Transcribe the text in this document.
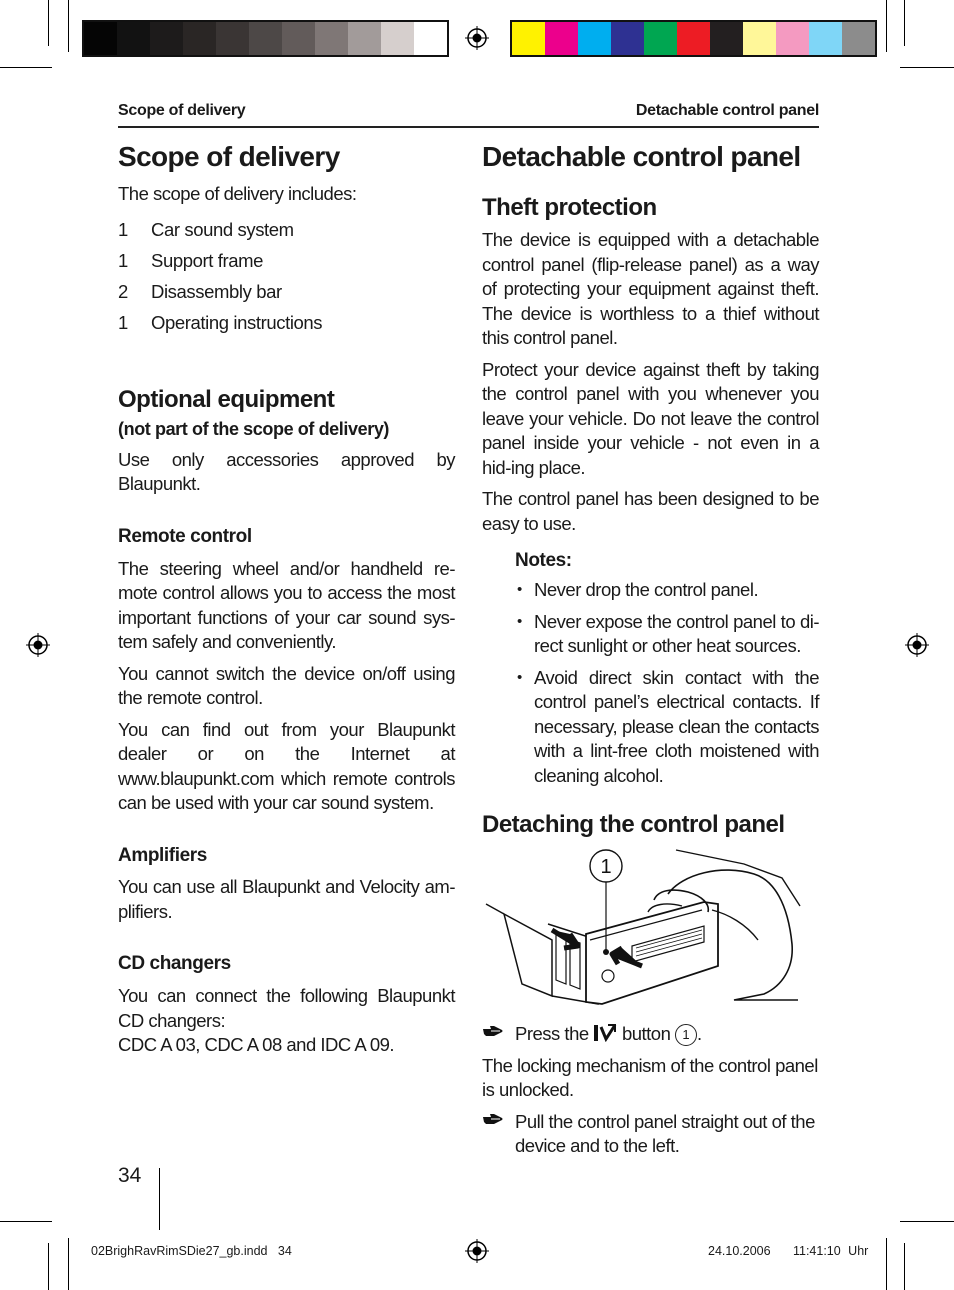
Scope of delivery	Detachable control panel
Scope of delivery

The scope of delivery includes:

1	Car sound system
1	Support frame
2	Disassembly bar
1	Operating instructions
Optional equipment
(not part of the scope of delivery)

Use only accessories approved by Blaupunkt.

Remote control

The steering wheel and/or handheld re-mote control allows you to access the most important functions of your car sound sys-tem safely and conveniently.

You cannot switch the device on/off using the remote control.

You can find out from your Blaupunkt dealer or on the Internet at www.blaupunkt.com which remote controls can be used with your car sound system.

Amplifiers

You can use all Blaupunkt and Velocity am-plifiers.

CD changers

You can connect the following Blaupunkt CD changers:

CDC A 03, CDC A 08 and IDC A 09.

Detachable control panel
Theft protection

The device is equipped with a detachable control panel (flip-release panel) as a way of protecting your equipment against theft. The device is worthless to a thief without this control panel.

Protect your device against theft by taking the control panel with you whenever you leave your vehicle. Do not leave the control panel inside your vehicle - not even in a hid-ing place.

The control panel has been designed to be easy to use.

Notes:
• Never drop the control panel.
• Never expose the control panel to di-rect sunlight or other heat sources.
• Avoid direct skin contact with the control panel’s electrical contacts. If necessary, please clean the contacts with a lint-free cloth moistened with cleaning alcohol.
Detaching the control panel
1
Press the button 1 .

The locking mechanism of the control panel is unlocked.

Pull the control panel straight out of the device and to the left.
34
02BrighRavRimSDie27_gb.indd   34	24.10.2006   11:41:10 Uhr
